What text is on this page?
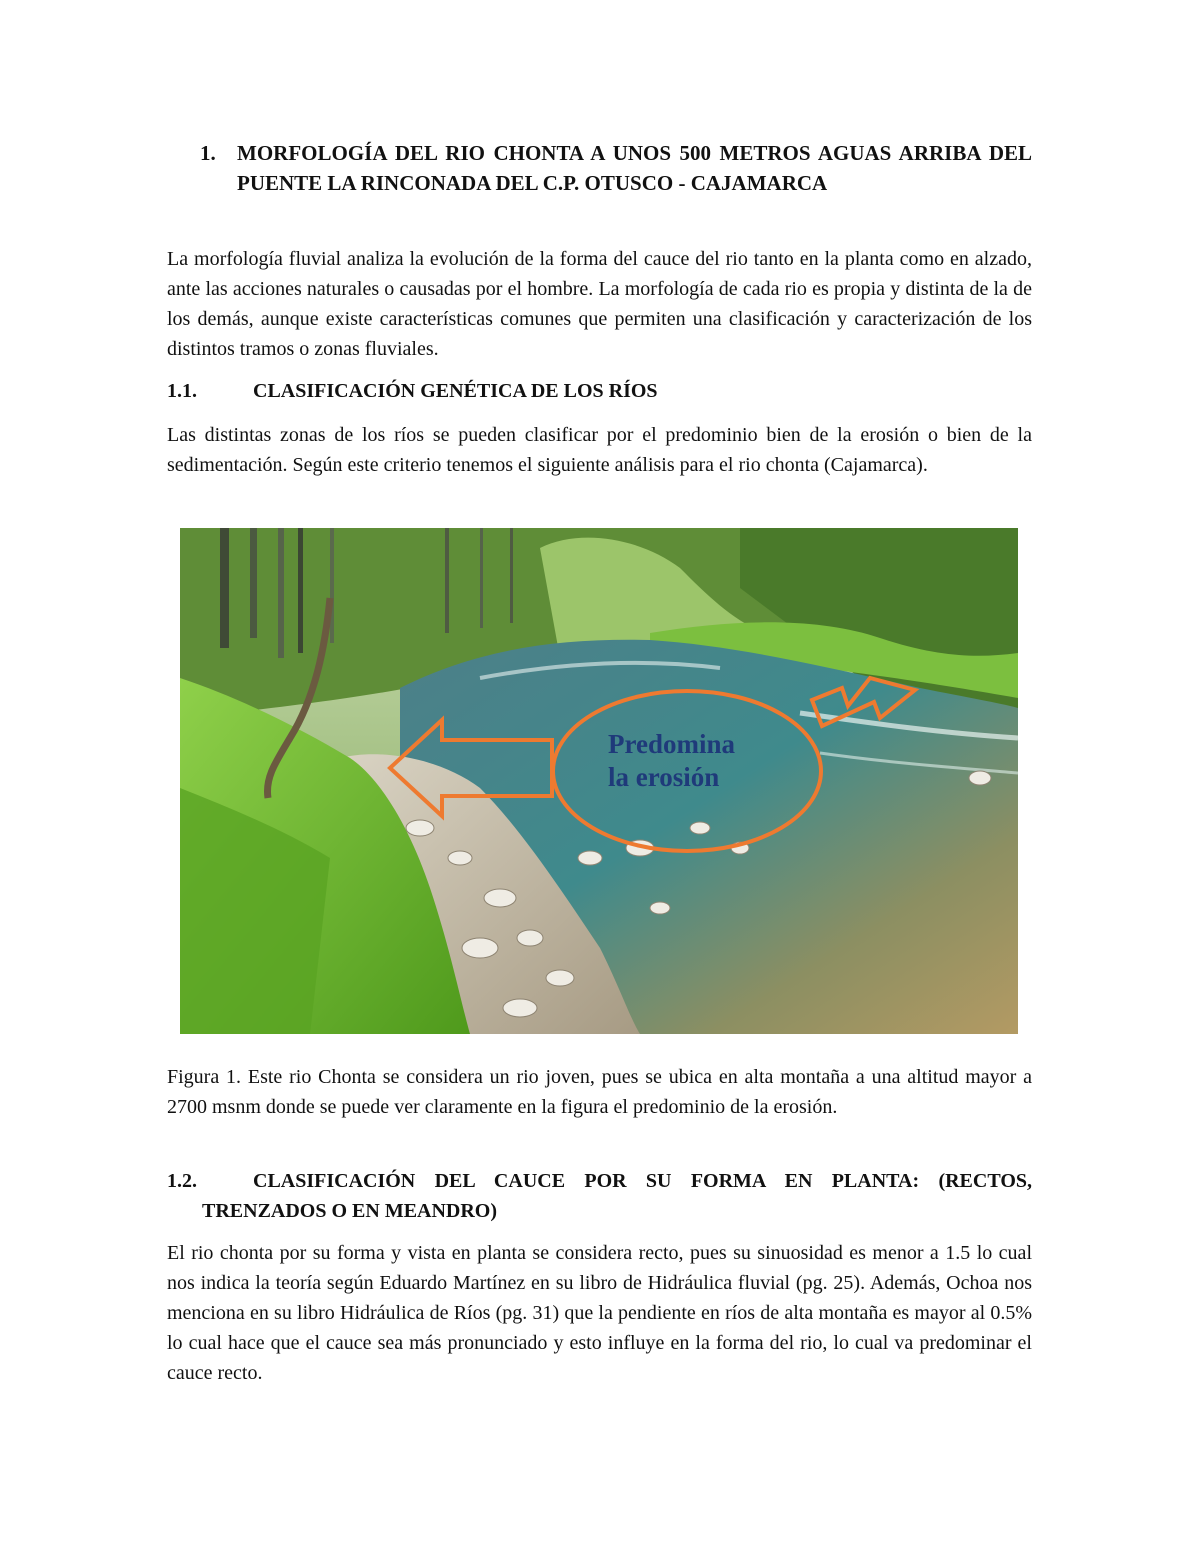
1. MORFOLOGÍA DEL RIO CHONTA A UNOS 500 METROS AGUAS ARRIBA DEL PUENTE LA RINCONADA DEL C.P. OTUSCO - CAJAMARCA
La morfología fluvial analiza la evolución de la forma del cauce del rio tanto en la planta como en alzado, ante las acciones naturales o causadas por el hombre. La morfología de cada rio es propia y distinta de la de los demás, aunque existe características comunes que permiten una clasificación y caracterización de los distintos tramos o zonas fluviales.
1.1.	CLASIFICACIÓN GENÉTICA DE LOS RÍOS
Las distintas zonas de los ríos se pueden clasificar por el predominio bien de la erosión o bien de la sedimentación. Según este criterio tenemos el siguiente análisis para el rio chonta (Cajamarca).
Predomina
la erosión
Figura 1. Este rio Chonta se considera un rio joven, pues se ubica en alta montaña a una altitud mayor a 2700 msnm donde se puede ver claramente en la figura el predominio de la erosión.
1.2.	CLASIFICACIÓN DEL CAUCE POR SU FORMA EN PLANTA: (RECTOS, TRENZADOS O EN MEANDRO)
El rio chonta por su forma y vista en planta se considera recto, pues su sinuosidad es menor a 1.5 lo cual nos indica la teoría según Eduardo Martínez en su libro de Hidráulica fluvial (pg. 25). Además, Ochoa nos menciona en su libro Hidráulica de Ríos (pg. 31) que la pendiente en ríos de alta montaña es mayor al 0.5% lo cual hace que el cauce sea más pronunciado y esto influye en la forma del rio, lo cual va predominar el cauce recto.
